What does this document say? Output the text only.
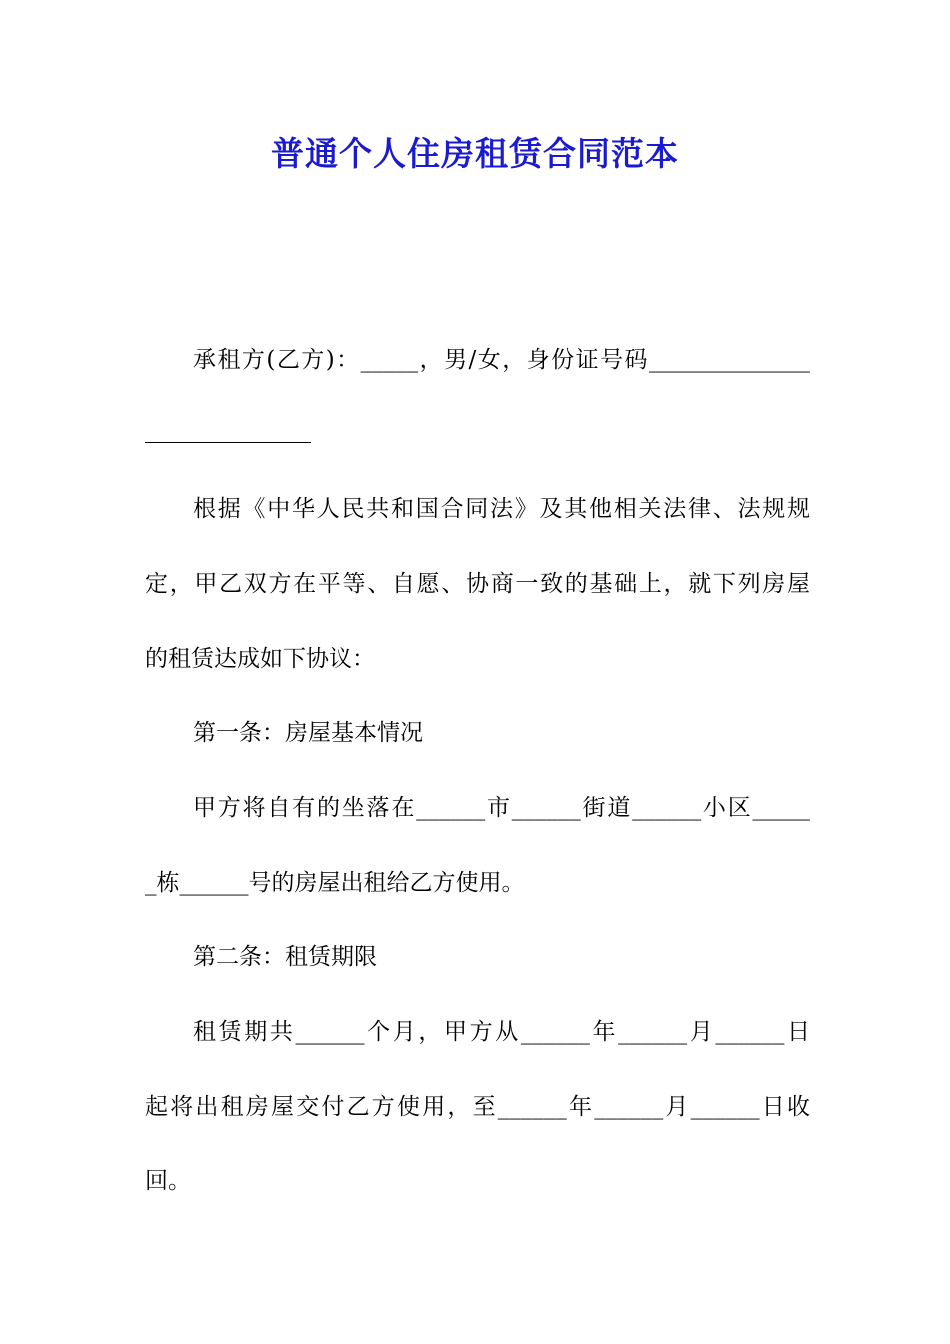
普通个人住房租赁合同范本
承租方(乙方)：_____，男/女，身份证号码______________
根据《中华人民共和国合同法》及其他相关法律、法规规
定，甲乙双方在平等、自愿、协商一致的基础上，就下列房屋
的租赁达成如下协议：
第一条：房屋基本情况
甲方将自有的坐落在______市______街道______小区_____
_栋______号的房屋出租给乙方使用。
第二条：租赁期限
租赁期共______个月，甲方从______年______月______日
起将出租房屋交付乙方使用，至______年______月______日收
回。
